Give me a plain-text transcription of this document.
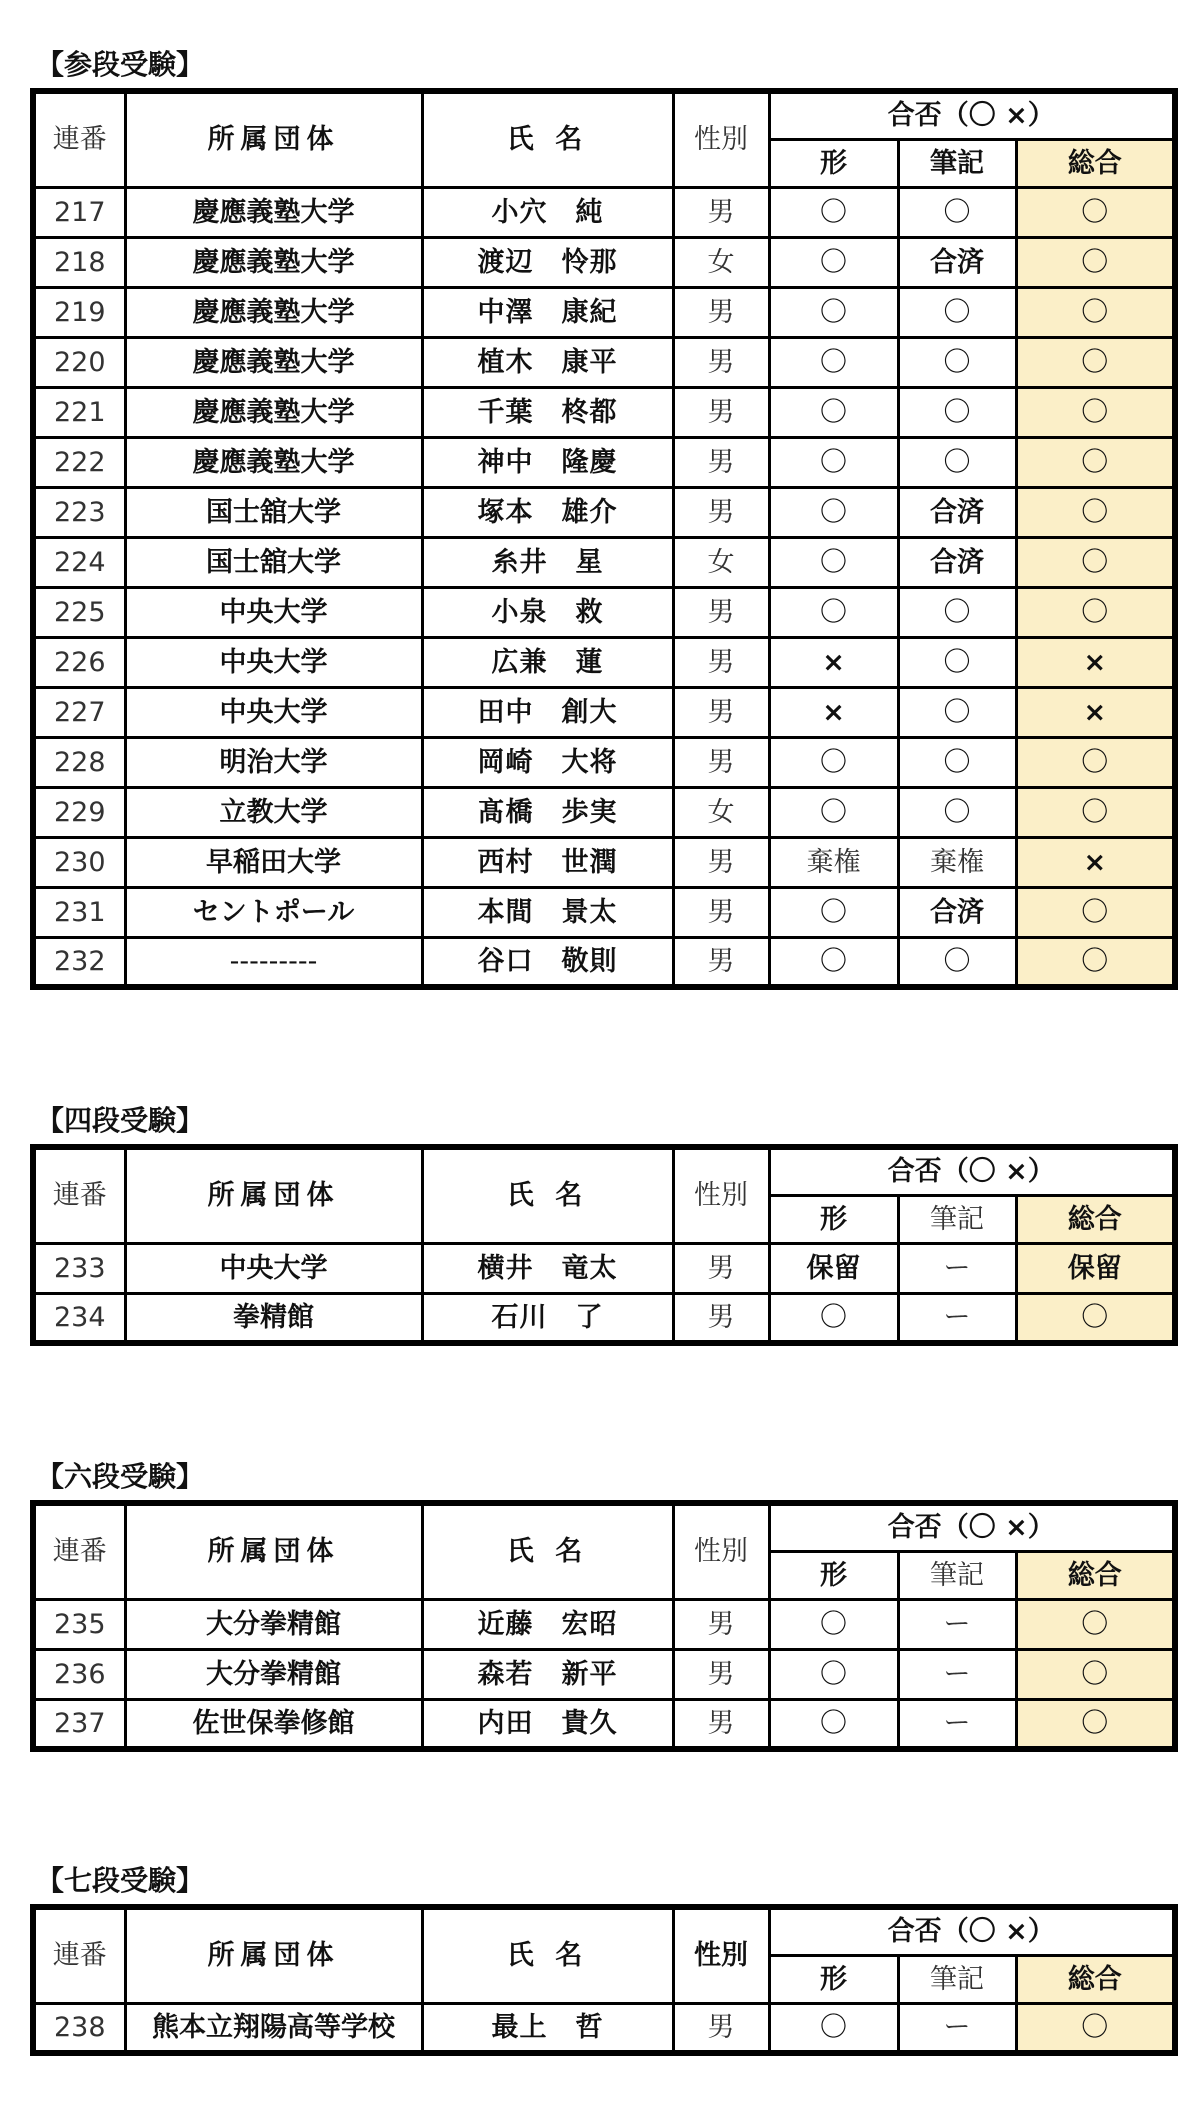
【参段受験】
連番	所属団体	氏 名	性別	合否（〇 ×）		
				形	筆記	総合
217	慶應義塾大学	小穴　純	男	〇	〇	〇
218	慶應義塾大学	渡辺　怜那	女	〇	合済	〇
219	慶應義塾大学	中澤　康紀	男	〇	〇	〇
220	慶應義塾大学	植木　康平	男	〇	〇	〇
221	慶應義塾大学	千葉　柊都	男	〇	〇	〇
222	慶應義塾大学	神中　隆慶	男	〇	〇	〇
223	国士舘大学	塚本　雄介	男	〇	合済	〇
224	国士舘大学	糸井　星	女	〇	合済	〇
225	中央大学	小泉　救	男	〇	〇	〇
226	中央大学	広兼　蓮	男	×	〇	×
227	中央大学	田中　創大	男	×	〇	×
228	明治大学	岡崎　大将	男	〇	〇	〇
229	立教大学	髙橋　歩実	女	〇	〇	〇
230	早稲田大学	西村　世潤	男	棄権	棄権	×
231	セントポール	本間　景太	男	〇	合済	〇
232	---------	谷口　敬則	男	〇	〇	〇
【四段受験】
連番	所属団体	氏 名	性別	合否（〇 ×）		
				形	筆記	総合
233	中央大学	横井　竜太	男	保留	ー	保留
234	拳精館	石川　了	男	〇	ー	〇
【六段受験】
連番	所属団体	氏 名	性別	合否（〇 ×）		
				形	筆記	総合
235	大分拳精館	近藤　宏昭	男	〇	ー	〇
236	大分拳精館	森若　新平	男	〇	ー	〇
237	佐世保拳修館	内田　貴久	男	〇	ー	〇
【七段受験】
連番	所属団体	氏 名	性別	合否（〇 ×）		
				形	筆記	総合
238	熊本立翔陽高等学校	最上　哲	男	〇	ー	〇
